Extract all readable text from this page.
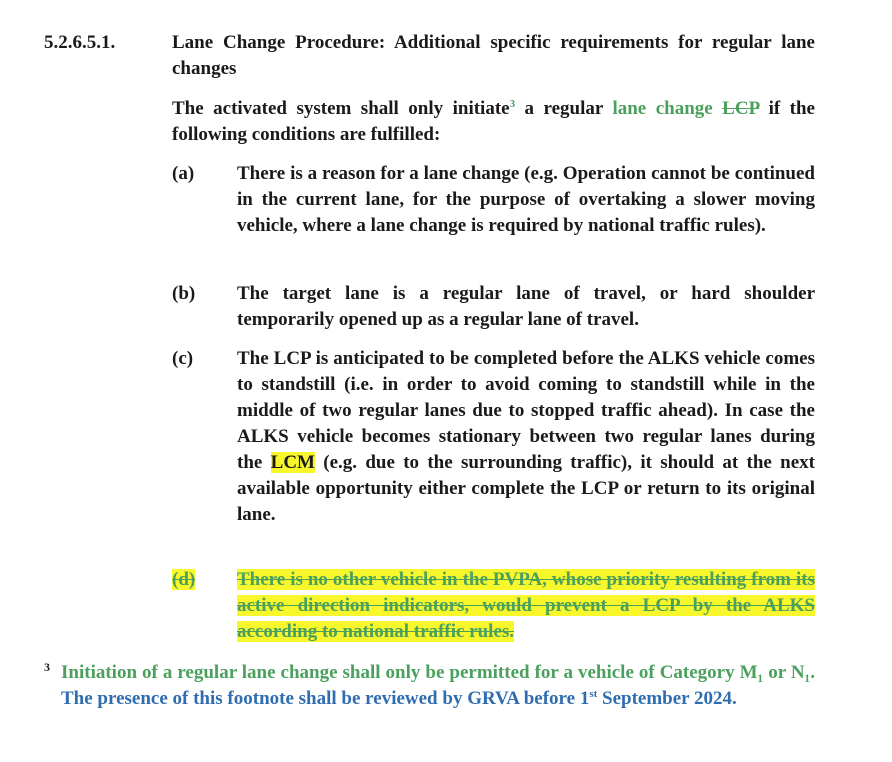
5.2.6.5.1.	Lane Change Procedure: Additional specific requirements for regular lane changes
The activated system shall only initiate$^3$ a regular lane change LCP if the following conditions are fulfilled:
(a) There is a reason for a lane change (e.g. Operation cannot be continued in the current lane, for the purpose of overtaking a slower moving vehicle, where a lane change is required by national traffic rules).
(b) The target lane is a regular lane of travel, or hard shoulder temporarily opened up as a regular lane of travel.
(c) The LCP is anticipated to be completed before the ALKS vehicle comes to standstill (i.e. in order to avoid coming to standstill while in the middle of two regular lanes due to stopped traffic ahead). In case the ALKS vehicle becomes stationary between two regular lanes during the LCM (e.g. due to the surrounding traffic), it should at the next available opportunity either complete the LCP or return to its original lane.
(d) There is no other vehicle in the PVPA, whose priority resulting from its active direction indicators, would prevent a LCP by the ALKS according to national traffic rules.
3 Initiation of a regular lane change shall only be permitted for a vehicle of Category M₁ or N₁. The presence of this footnote shall be reviewed by GRVA before 1st September 2024.
